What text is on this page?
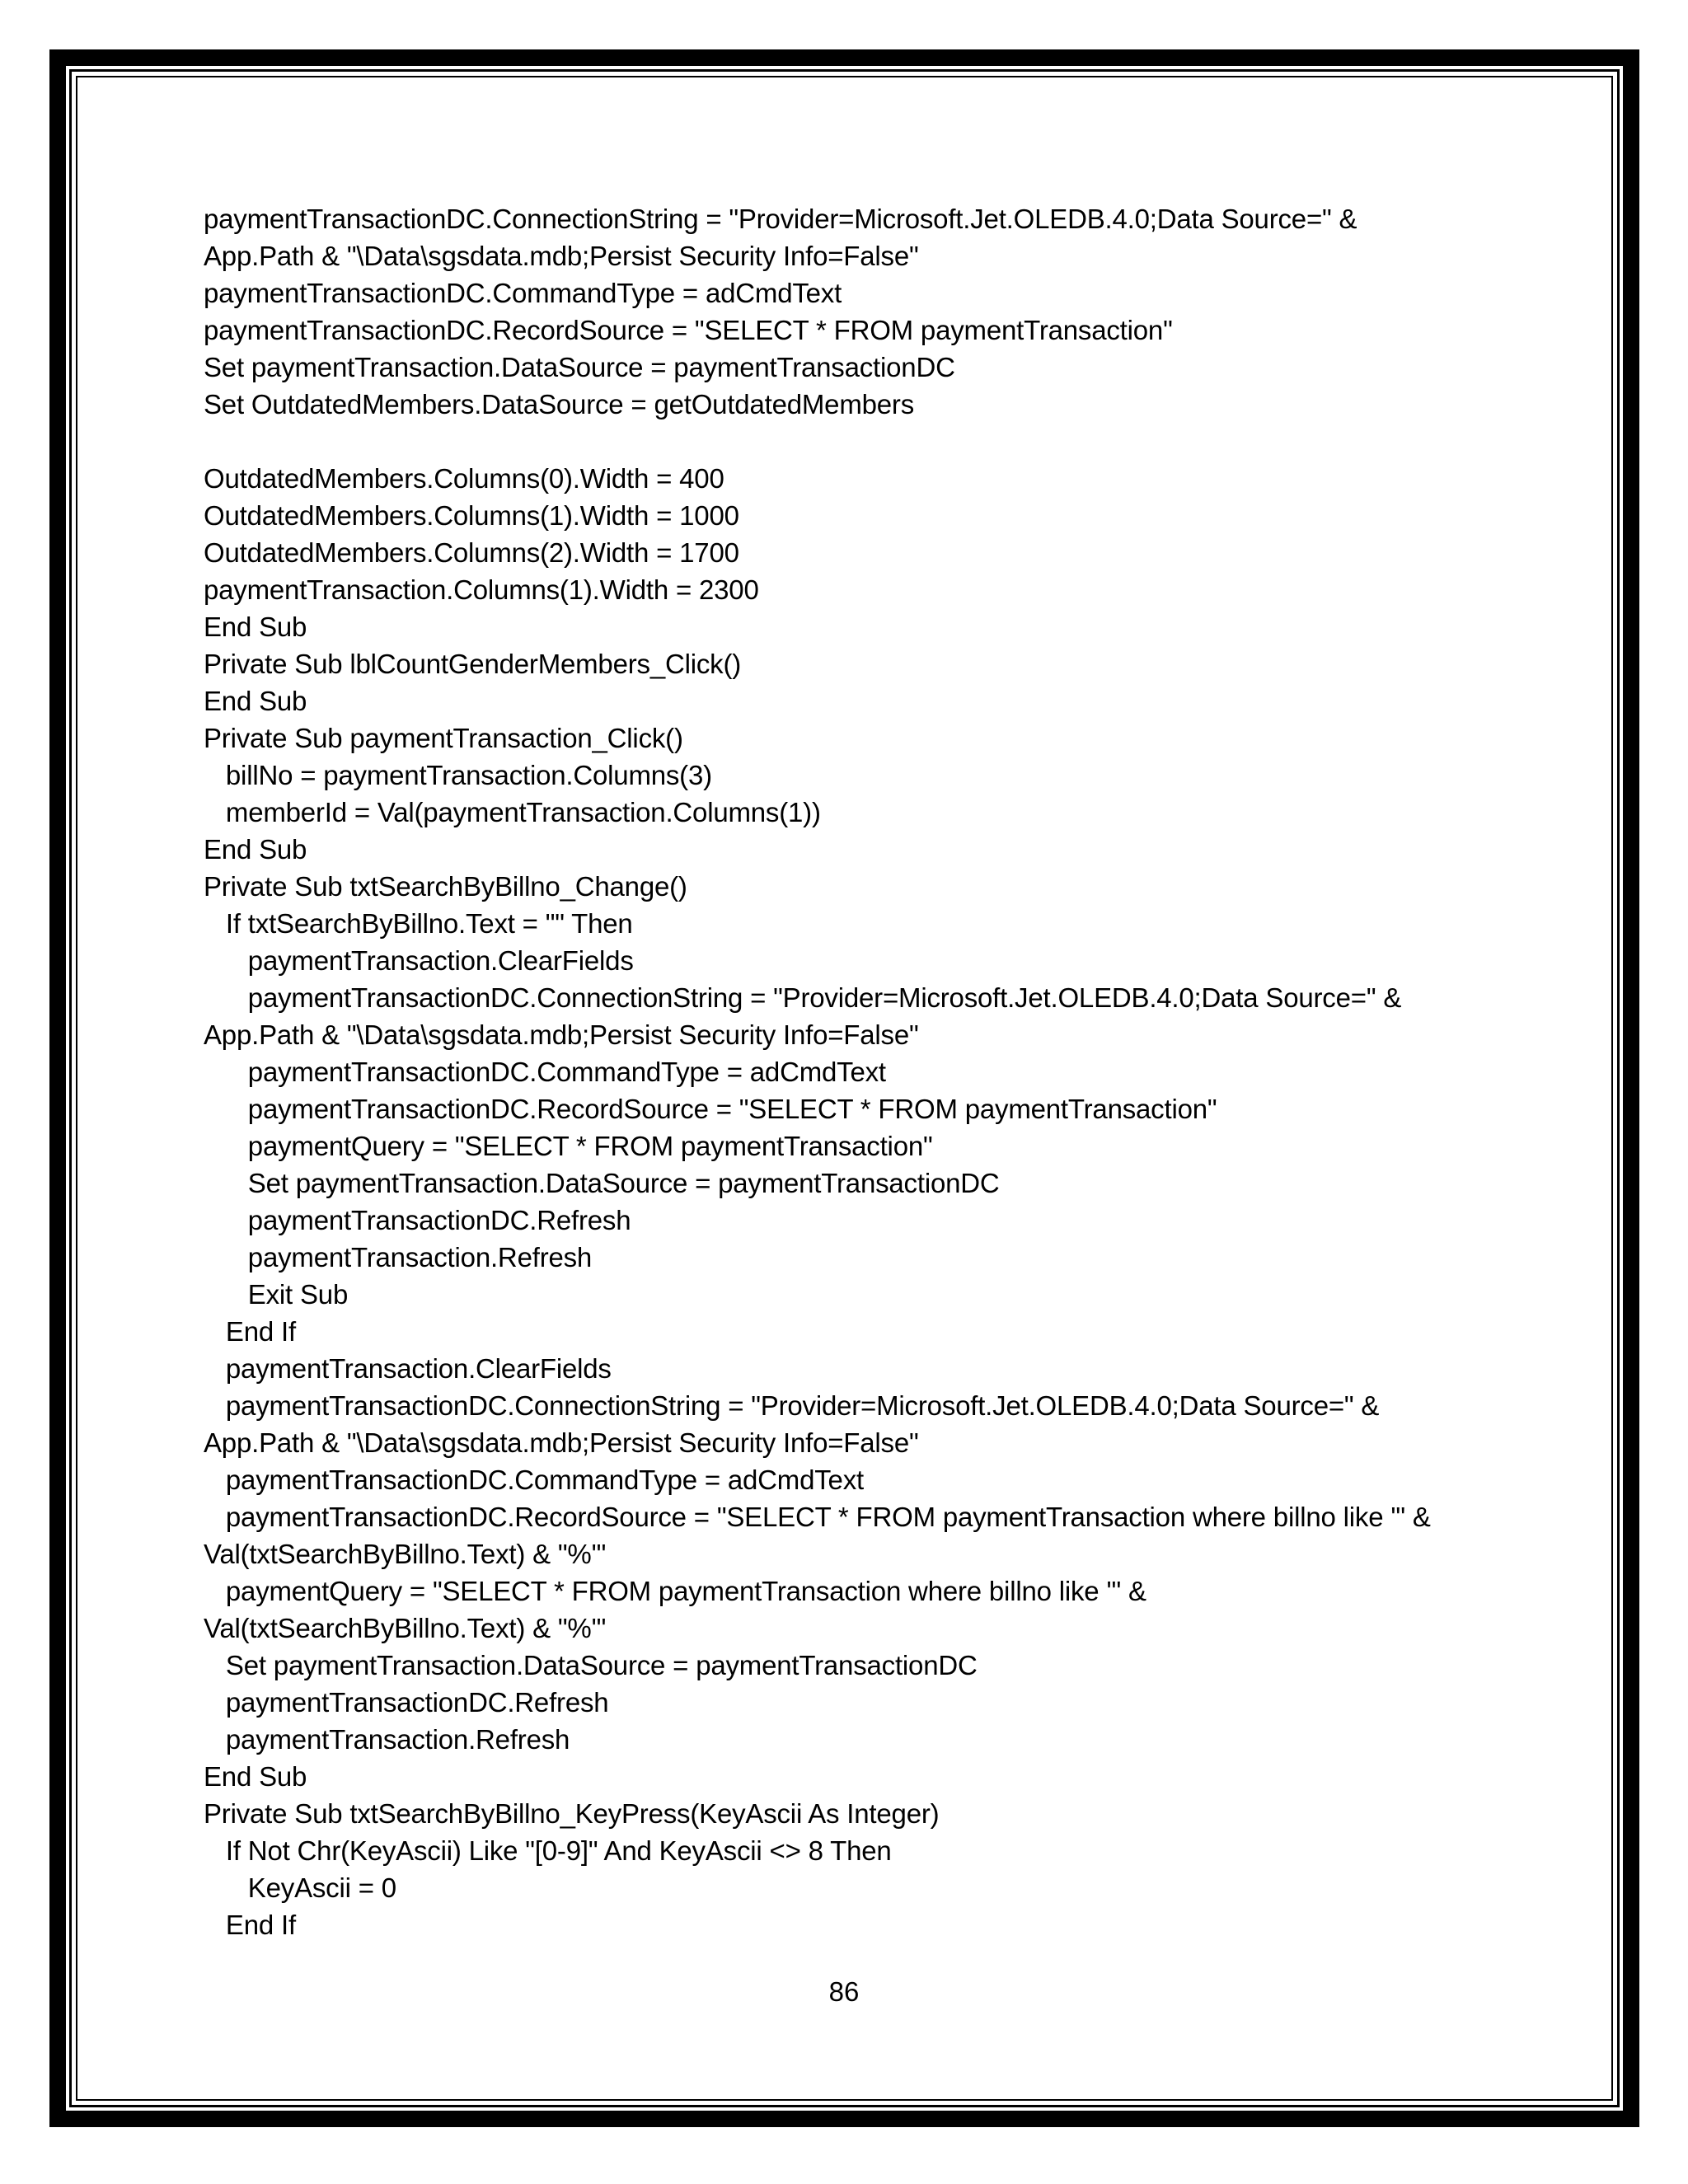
paymentTransactionDC.ConnectionString = "Provider=Microsoft.Jet.OLEDB.4.0;Data Source=" &
App.Path & "\Data\sgsdata.mdb;Persist Security Info=False"
paymentTransactionDC.CommandType = adCmdText
paymentTransactionDC.RecordSource = "SELECT * FROM paymentTransaction"
Set paymentTransaction.DataSource = paymentTransactionDC
Set OutdatedMembers.DataSource = getOutdatedMembers
OutdatedMembers.Columns(0).Width = 400
OutdatedMembers.Columns(1).Width = 1000
OutdatedMembers.Columns(2).Width = 1700
paymentTransaction.Columns(1).Width = 2300
End Sub
Private Sub lblCountGenderMembers_Click()
End Sub
Private Sub paymentTransaction_Click()
billNo = paymentTransaction.Columns(3)
memberId = Val(paymentTransaction.Columns(1))
End Sub
Private Sub txtSearchByBillno_Change()
If txtSearchByBillno.Text = "" Then
paymentTransaction.ClearFields
paymentTransactionDC.ConnectionString = "Provider=Microsoft.Jet.OLEDB.4.0;Data Source=" &
App.Path & "\Data\sgsdata.mdb;Persist Security Info=False"
paymentTransactionDC.CommandType = adCmdText
paymentTransactionDC.RecordSource = "SELECT * FROM paymentTransaction"
paymentQuery = "SELECT * FROM paymentTransaction"
Set paymentTransaction.DataSource = paymentTransactionDC
paymentTransactionDC.Refresh
paymentTransaction.Refresh
Exit Sub
End If
paymentTransaction.ClearFields
paymentTransactionDC.ConnectionString = "Provider=Microsoft.Jet.OLEDB.4.0;Data Source=" &
App.Path & "\Data\sgsdata.mdb;Persist Security Info=False"
paymentTransactionDC.CommandType = adCmdText
paymentTransactionDC.RecordSource = "SELECT * FROM paymentTransaction where billno like '" &
Val(txtSearchByBillno.Text) & "%'"
paymentQuery = "SELECT * FROM paymentTransaction where billno like '" &
Val(txtSearchByBillno.Text) & "%'"
Set paymentTransaction.DataSource = paymentTransactionDC
paymentTransactionDC.Refresh
paymentTransaction.Refresh
End Sub
Private Sub txtSearchByBillno_KeyPress(KeyAscii As Integer)
If Not Chr(KeyAscii) Like "[0-9]" And KeyAscii <> 8 Then
KeyAscii = 0
End If
86
